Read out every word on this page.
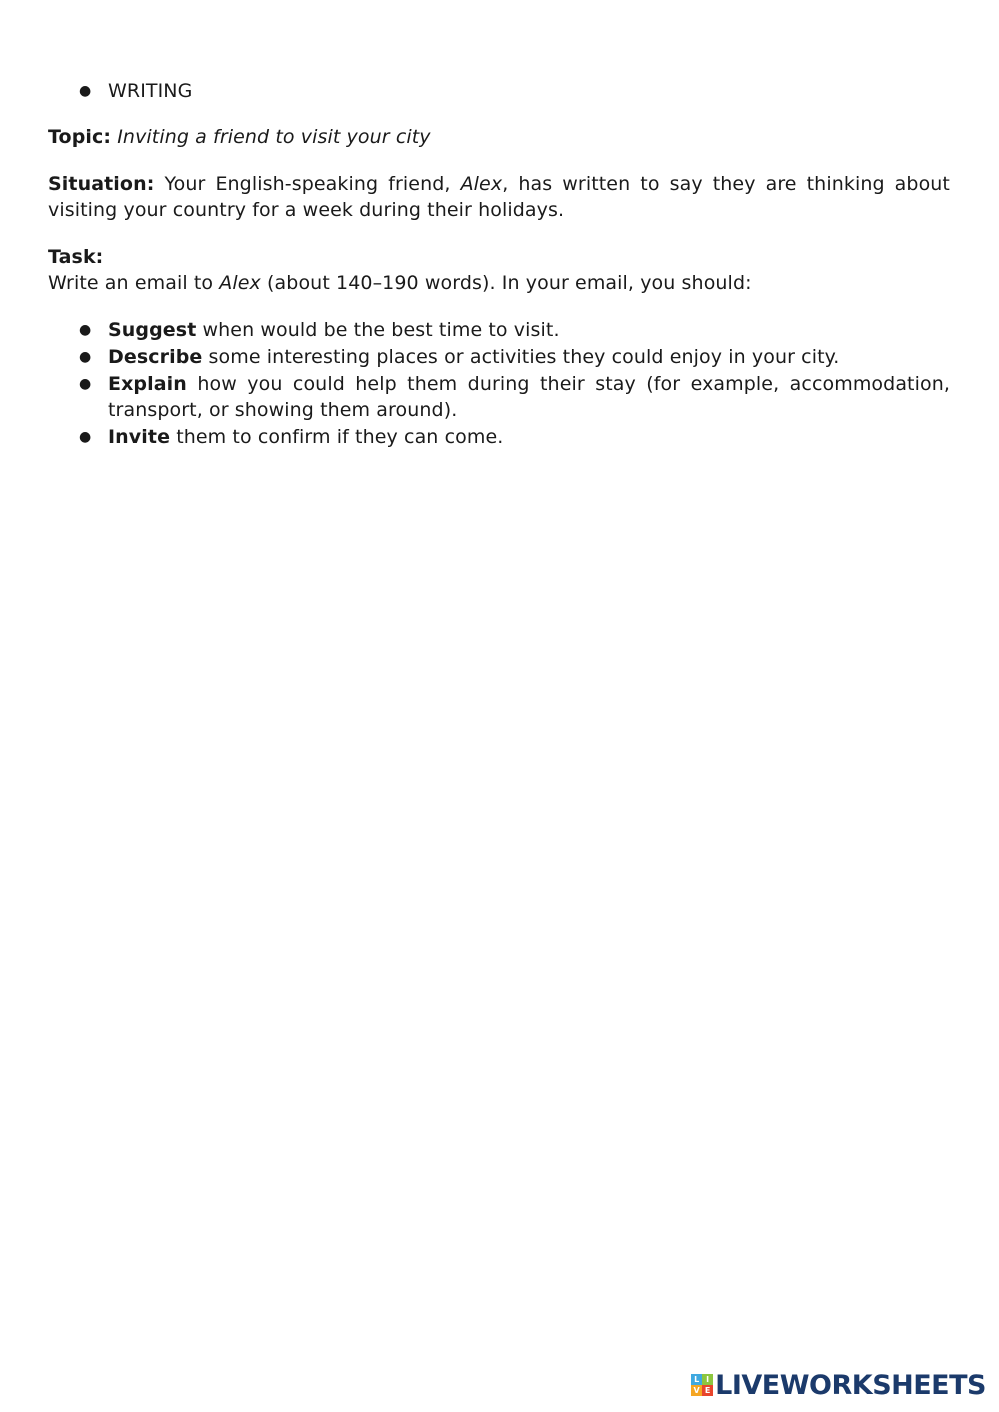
● WRITING

Topic: Inviting a friend to visit your city

Situation: Your English-speaking friend, Alex, has written to say they are thinking about visiting your country for a week during their holidays.

Task:

Write an email to Alex (about 140–190 words). In your email, you should:

● Suggest when would be the best time to visit.
● Describe some interesting places or activities they could enjoy in your city.
● Explain how you could help them during their stay (for example, accommodation, transport, or showing them around).
● Invite them to confirm if they can come.
L I
V E LIVEWORKSHEETS
